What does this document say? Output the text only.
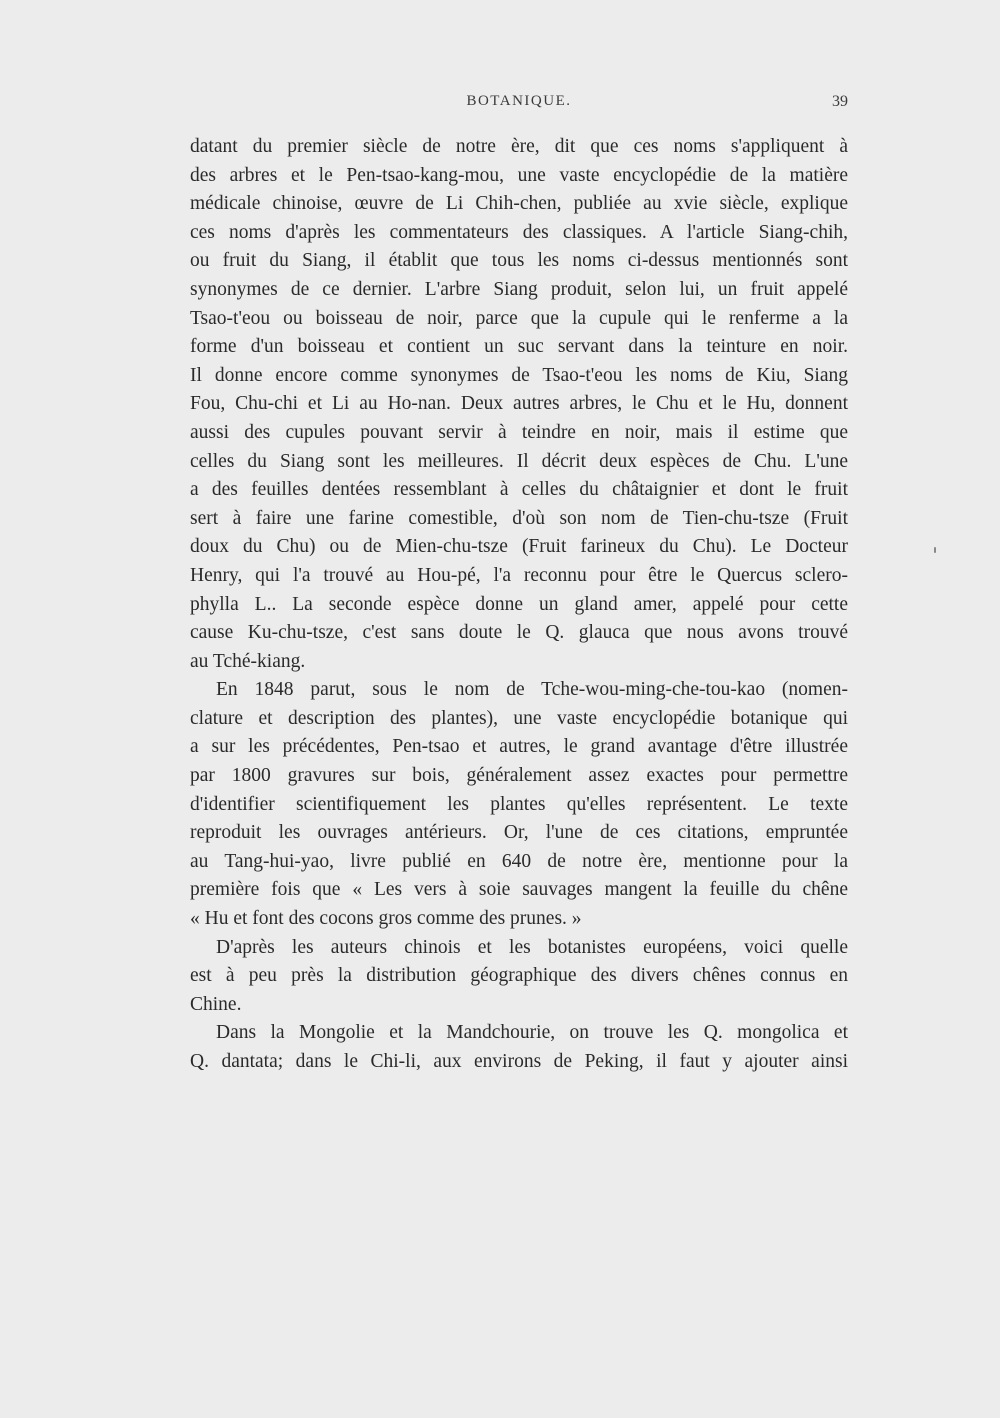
BOTANIQUE.	39
datant du premier siècle de notre ère, dit que ces noms s'appliquent à
des arbres et le Pen-tsao-kang-mou, une vaste encyclopédie de la matière
médicale chinoise, œuvre de Li Chih-chen, publiée au xvie siècle, explique
ces noms d'après les commentateurs des classiques. A l'article Siang-chih,
ou fruit du Siang, il établit que tous les noms ci-dessus mentionnés sont
synonymes de ce dernier. L'arbre Siang produit, selon lui, un fruit appelé
Tsao-t'eou ou boisseau de noir, parce que la cupule qui le renferme a la
forme d'un boisseau et contient un suc servant dans la teinture en noir.
Il donne encore comme synonymes de Tsao-t'eou les noms de Kiu, Siang
Fou, Chu-chi et Li au Ho-nan. Deux autres arbres, le Chu et le Hu, donnent
aussi des cupules pouvant servir à teindre en noir, mais il estime que
celles du Siang sont les meilleures. Il décrit deux espèces de Chu. L'une
a des feuilles dentées ressemblant à celles du châtaignier et dont le fruit
sert à faire une farine comestible, d'où son nom de Tien-chu-tsze (Fruit
doux du Chu) ou de Mien-chu-tsze (Fruit farineux du Chu). Le Docteur
Henry, qui l'a trouvé au Hou-pé, l'a reconnu pour être le Quercus sclero-
phylla L.. La seconde espèce donne un gland amer, appelé pour cette
cause Ku-chu-tsze, c'est sans doute le Q. glauca que nous avons trouvé
au Tché-kiang.
En 1848 parut, sous le nom de Tche-wou-ming-che-tou-kao (nomen-
clature et description des plantes), une vaste encyclopédie botanique qui
a sur les précédentes, Pen-tsao et autres, le grand avantage d'être illustrée
par 1800 gravures sur bois, généralement assez exactes pour permettre
d'identifier scientifiquement les plantes qu'elles représentent. Le texte
reproduit les ouvrages antérieurs. Or, l'une de ces citations, empruntée
au Tang-hui-yao, livre publié en 640 de notre ère, mentionne pour la
première fois que « Les vers à soie sauvages mangent la feuille du chêne
« Hu et font des cocons gros comme des prunes. »
D'après les auteurs chinois et les botanistes européens, voici quelle
est à peu près la distribution géographique des divers chênes connus en
Chine.
Dans la Mongolie et la Mandchourie, on trouve les Q. mongolica et
Q. dantata; dans le Chi-li, aux environs de Peking, il faut y ajouter ainsi
